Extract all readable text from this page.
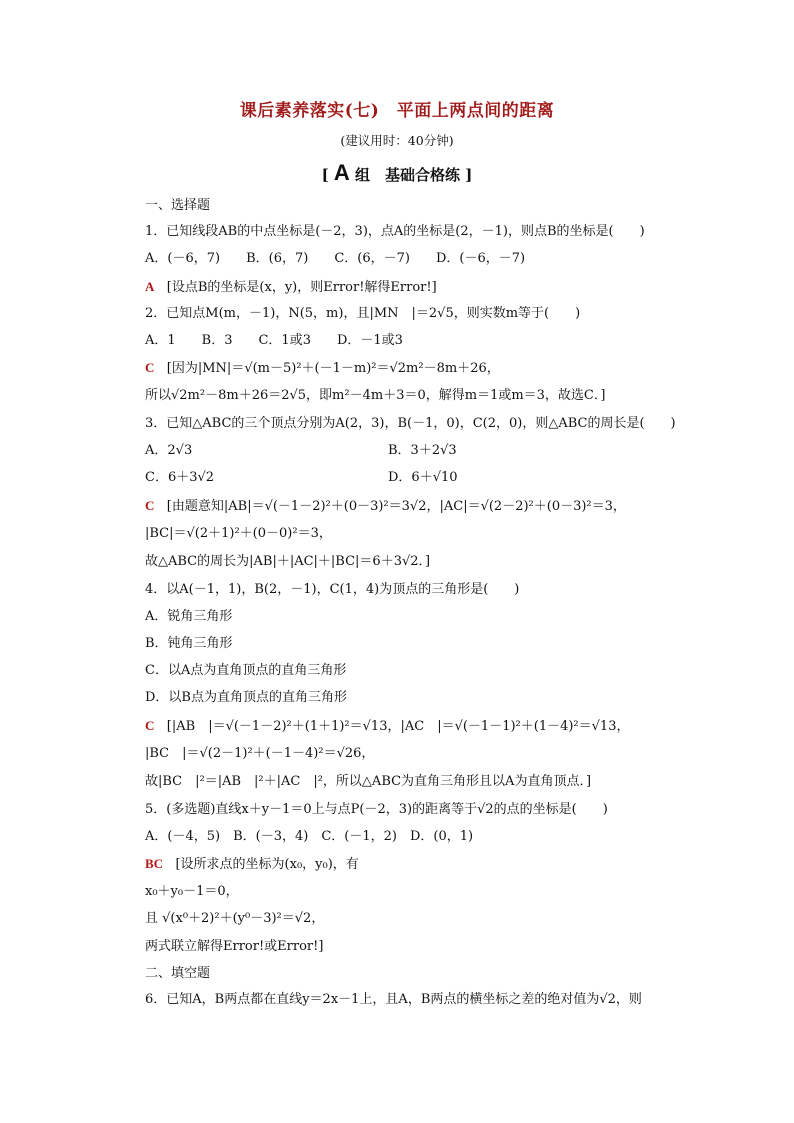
课后素养落实(七)　平面上两点间的距离
(建议用时：40分钟)
[ A 组　基础合格练 ]
一、选择题
1．已知线段AB的中点坐标是(－2，3)，点A的坐标是(2，－1)，则点B的坐标是(　　)
A．(－6，7)　　B．(6，7)　　C．(6，－7)　　D．(－6，－7)
A [设点B的坐标是(x，y)，则Error!解得Error!]
2．已知点M(m，－1)，N(5，m)，且|MN　|＝2√5，则实数m等于(　　)
A．1　　B．3　　C．1或3　　D．－1或3
C [因为|MN|＝√(m－5)²＋(－1－m)²＝√2m²－8m＋26，
所以√2m²－8m＋26＝2√5，即m²－4m＋3＝0，解得m＝1或m＝3，故选C．]
3．已知△ABC的三个顶点分别为A(2，3)，B(－1，0)，C(2，0)，则△ABC的周长是(　　)
A．2√3	B．3＋2√3
C．6＋3√2	D．6＋√10
C [由题意知|AB|＝√(－1－2)²＋(0－3)²＝3√2，|AC|＝√(2－2)²＋(0－3)²＝3，
|BC|＝√(2＋1)²＋(0－0)²＝3，
故△ABC的周长为|AB|＋|AC|＋|BC|＝6＋3√2．]
4．以A(－1，1)，B(2，－1)，C(1，4)为顶点的三角形是(　　)
A．锐角三角形
B．钝角三角形
C．以A点为直角顶点的直角三角形
D．以B点为直角顶点的直角三角形
C [|AB　|＝√(－1－2)²＋(1＋1)²＝√13，|AC　|＝√(－1－1)²＋(1－4)²＝√13，
|BC　|＝√(2－1)²＋(－1－4)²＝√26，
故|BC　|²＝|AB　|²＋|AC　|²，所以△ABC为直角三角形且以A为直角顶点．]
5．(多选题)直线x＋y－1＝0上与点P(－2，3)的距离等于√2的点的坐标是(　　)
A．(－4，5)　B．(－3，4)　C．(－1，2)　D．(0，1)
BC [设所求点的坐标为(x₀，y₀)，有
x₀＋y₀－1＝0，
且 √(x⁰＋2)²＋(y⁰－3)²＝√2，
两式联立解得Error!或Error!]
二、填空题
6．已知A，B两点都在直线y＝2x－1上，且A，B两点的横坐标之差的绝对值为√2，则
